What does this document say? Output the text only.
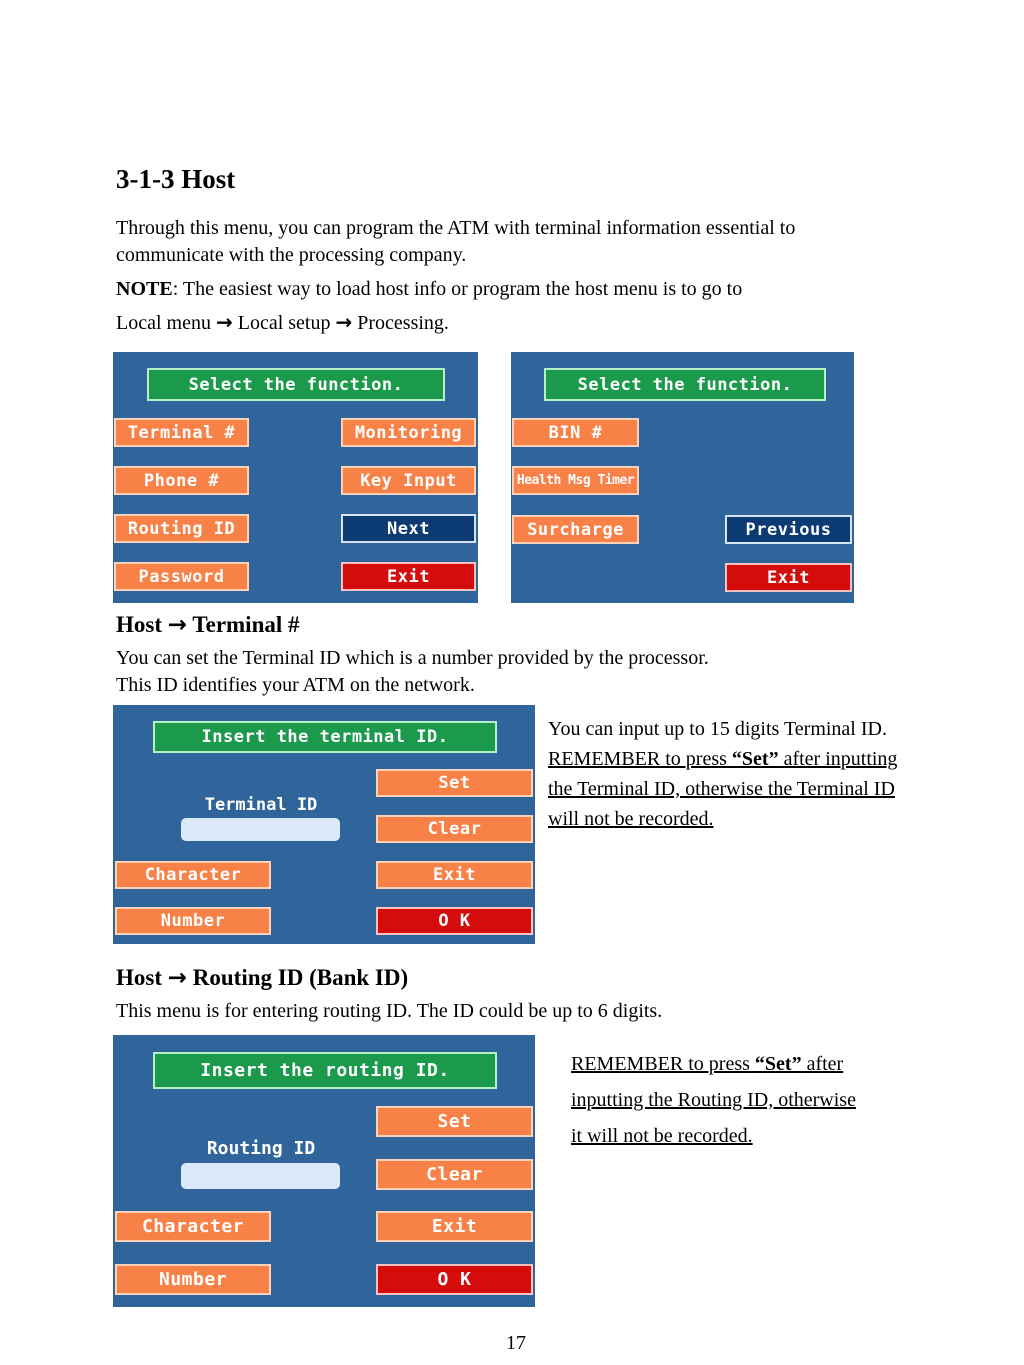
3-1-3 Host
Through this menu, you can program the ATM with terminal information essential to
communicate with the processing company.
NOTE: The easiest way to load host info or program the host menu is to go to
Local menu → Local setup → Processing.
Select the function.
Terminal #	Monitoring
Phone #	Key Input
Routing ID	Next
Password	Exit
Select the function.
BIN #
Health Msg Timer
Surcharge	Previous
Exit
Host → Terminal #
You can set the Terminal ID which is a number provided by the processor.
This ID identifies your ATM on the network.
Insert the terminal ID.
Set
Terminal ID
Clear
Character	Exit
Number	O K
You can input up to 15 digits Terminal ID.
REMEMBER to press “Set” after inputting
the Terminal ID, otherwise the Terminal ID
will not be recorded.
Host → Routing ID (Bank ID)
This menu is for entering routing ID. The ID could be up to 6 digits.
Insert the routing ID.
Set
Routing ID
Clear
Character	Exit
Number	O K
REMEMBER to press “Set” after
inputting the Routing ID, otherwise
it will not be recorded.
17
